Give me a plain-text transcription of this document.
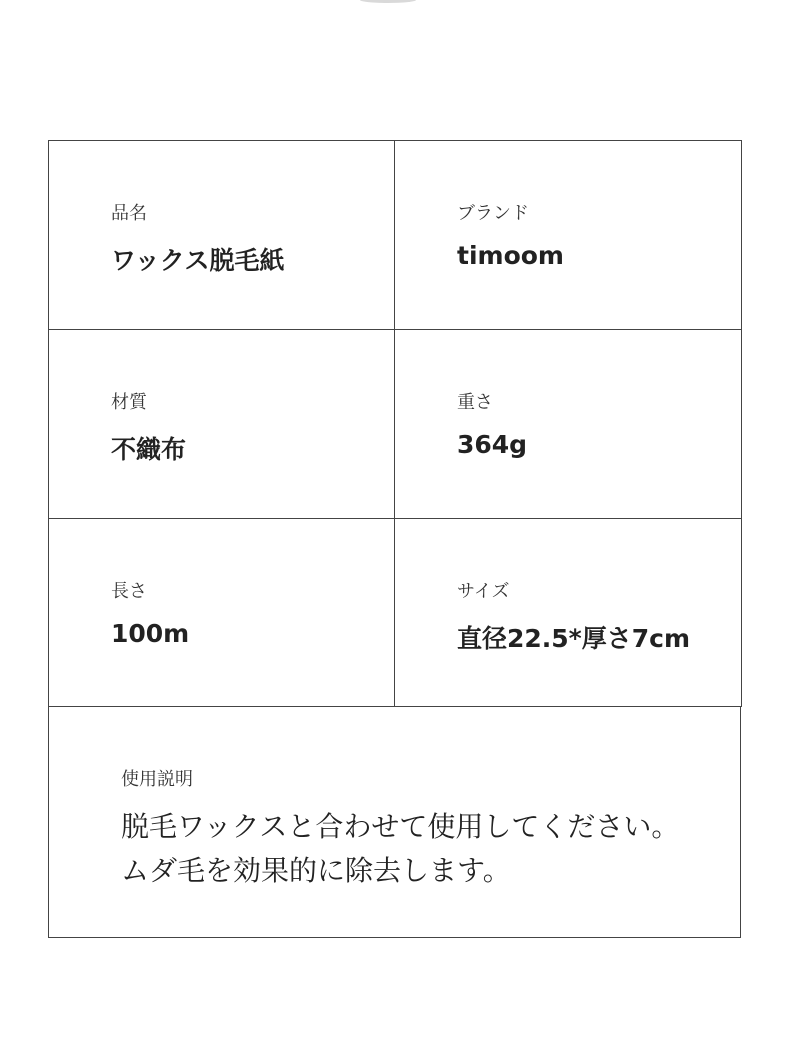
品名
ワックス脱毛紙
ブランド
timoom
材質
不織布
重さ
364g
長さ
100m
サイズ
直径22.5*厚さ7cm
使用説明
脱毛ワックスと合わせて使用してください。
ムダ毛を効果的に除去します。
